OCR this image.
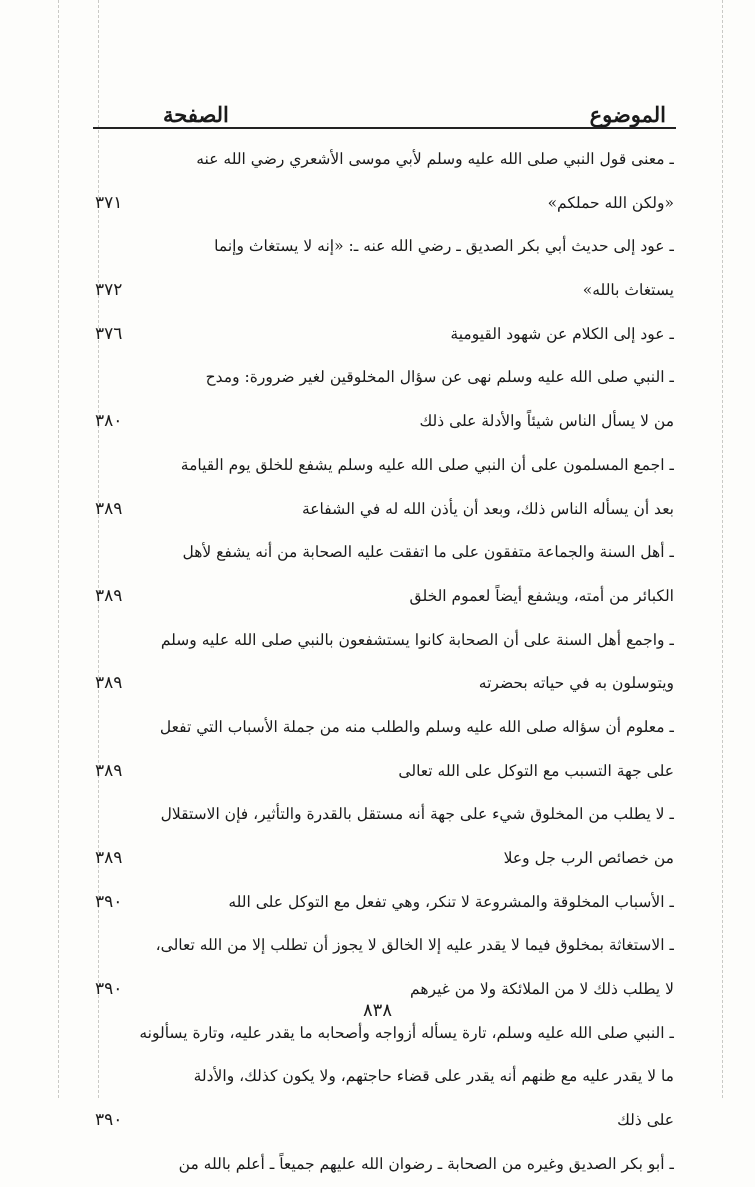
الموضوع
الصفحة
ـ معنى قول النبي صلى الله عليه وسلم لأبي موسى الأشعري رضي الله عنه
«ولكن الله حملكم»
٣٧١
ـ عود إلى حديث أبي بكر الصديق ـ رضي الله عنه ـ: «إنه لا يستغاث وإنما
يستغاث بالله»
٣٧٢
ـ عود إلى الكلام عن شهود القيومية
٣٧٦
ـ النبي صلى الله عليه وسلم نهى عن سؤال المخلوقين لغير ضرورة: ومدح
من لا يسأل الناس شيئاً والأدلة على ذلك
٣٨٠
ـ اجمع المسلمون على أن النبي صلى الله عليه وسلم يشفع للخلق يوم القيامة
بعد أن يسأله الناس ذلك، وبعد أن يأذن الله له في الشفاعة
٣٨٩
ـ أهل السنة والجماعة متفقون على ما اتفقت عليه الصحابة من أنه يشفع لأهل
الكبائر من أمته، ويشفع أيضاً لعموم الخلق
٣٨٩
ـ واجمع أهل السنة على أن الصحابة كانوا يستشفعون بالنبي صلى الله عليه وسلم
ويتوسلون به في حياته بحضرته
٣٨٩
ـ معلوم أن سؤاله صلى الله عليه وسلم والطلب منه من جملة الأسباب التي تفعل
على جهة التسبب مع التوكل على الله تعالى
٣٨٩
ـ لا يطلب من المخلوق شيء على جهة أنه مستقل بالقدرة والتأثير، فإن الاستقلال
من خصائص الرب جل وعلا
٣٨٩
ـ الأسباب المخلوقة والمشروعة لا تنكر، وهي تفعل مع التوكل على الله
٣٩٠
ـ الاستغاثة بمخلوق فيما لا يقدر عليه إلا الخالق لا يجوز أن تطلب إلا من الله تعالى،
لا يطلب ذلك لا من الملائكة ولا من غيرهم
٣٩٠
ـ النبي صلى الله عليه وسلم، تارة يسأله أزواجه وأصحابه ما يقدر عليه، وتارة يسألونه
ما لا يقدر عليه مع ظنهم أنه يقدر على قضاء حاجتهم، ولا يكون كذلك، والأدلة
على ذلك
٣٩٠
ـ أبو بكر الصديق وغيره من الصحابة ـ رضوان الله عليهم جميعاً ـ أعلم بالله من
٨٣٨
